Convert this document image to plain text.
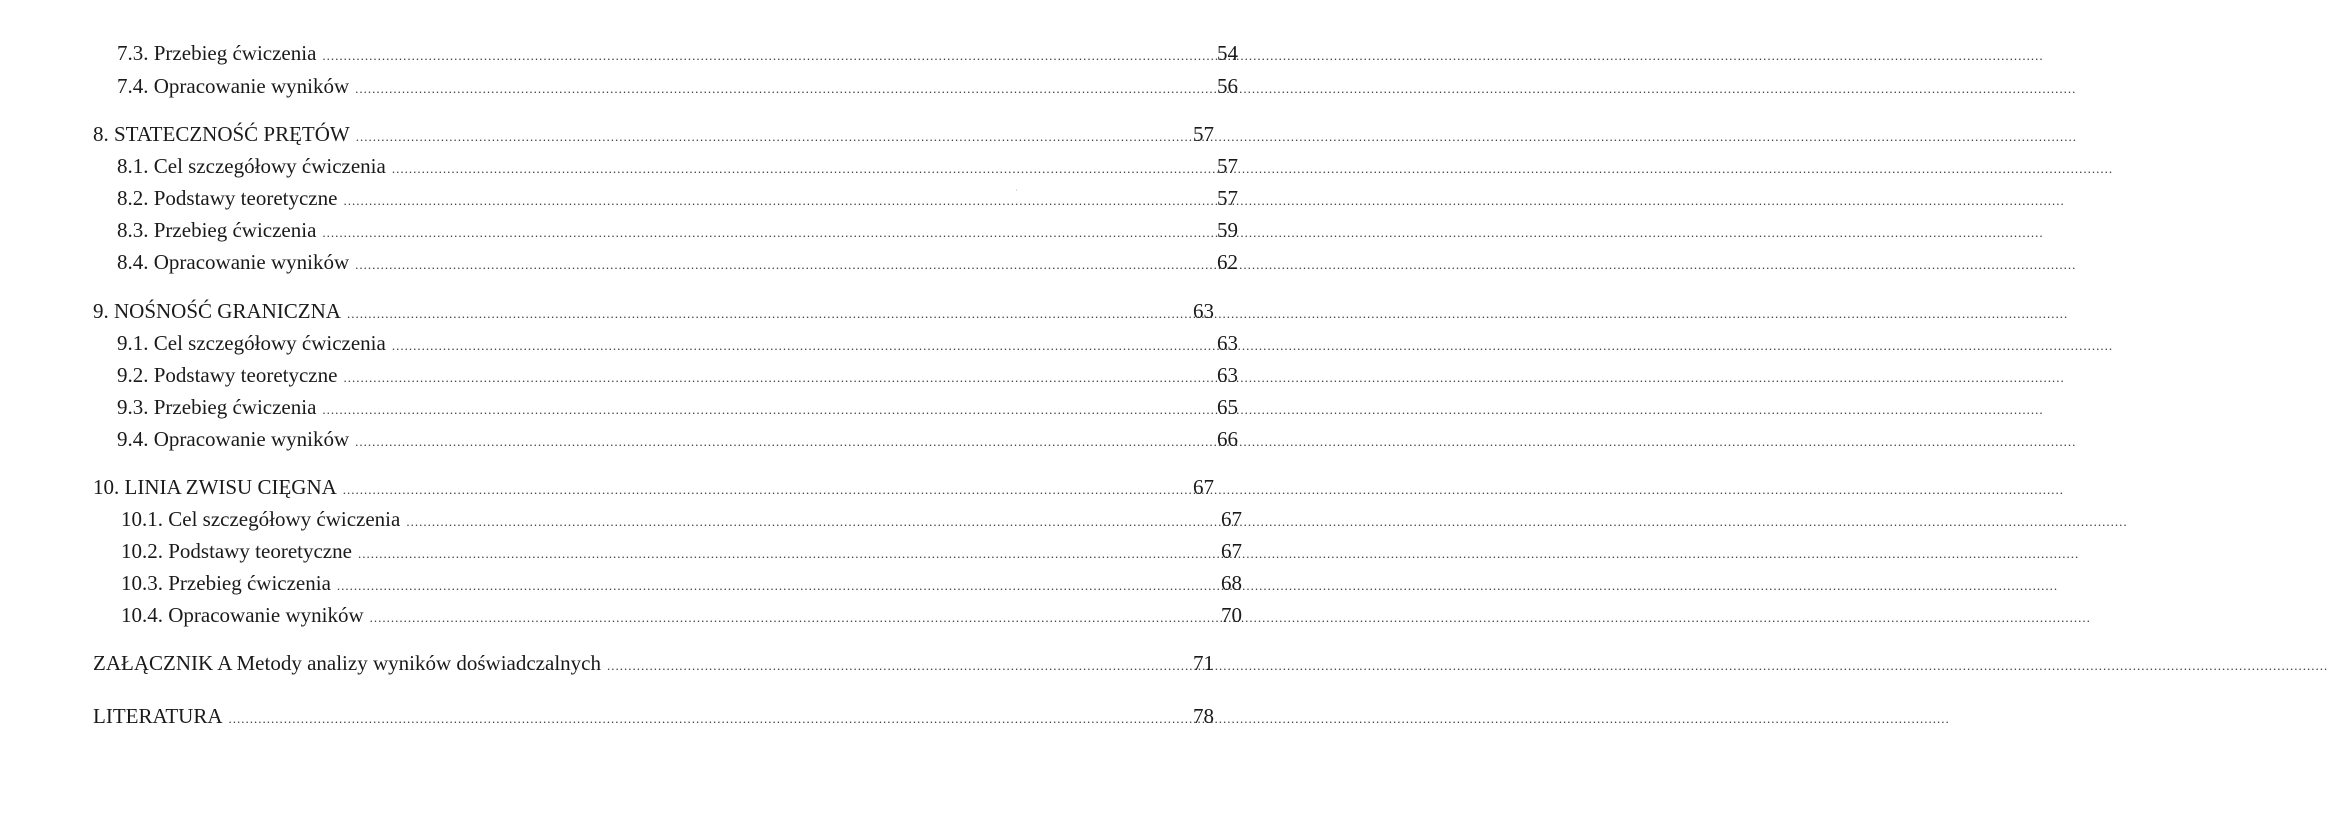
7.3. Przebieg ćwiczenia .....	54
7.4. Opracowanie wyników .....	56
8. STATECZNOŚĆ PRĘTÓW .....	57
8.1. Cel szczegółowy ćwiczenia .....	57
8.2. Podstawy teoretyczne .....	57
8.3. Przebieg ćwiczenia .....	59
8.4. Opracowanie wyników .....	62
9. NOŚNOŚĆ GRANICZNA .....	63
9.1. Cel szczegółowy ćwiczenia .....	63
9.2. Podstawy teoretyczne .....	63
9.3. Przebieg ćwiczenia .....	65
9.4. Opracowanie wyników .....	66
10. LINIA ZWISU CIĘGNA .....	67
10.1. Cel szczegółowy ćwiczenia .....	67
10.2. Podstawy teoretyczne .....	67
10.3. Przebieg ćwiczenia .....	68
10.4. Opracowanie wyników .....	70
ZAŁĄCZNIK A Metody analizy wyników doświadczalnych .....	71
LITERATURA .....	78
·
